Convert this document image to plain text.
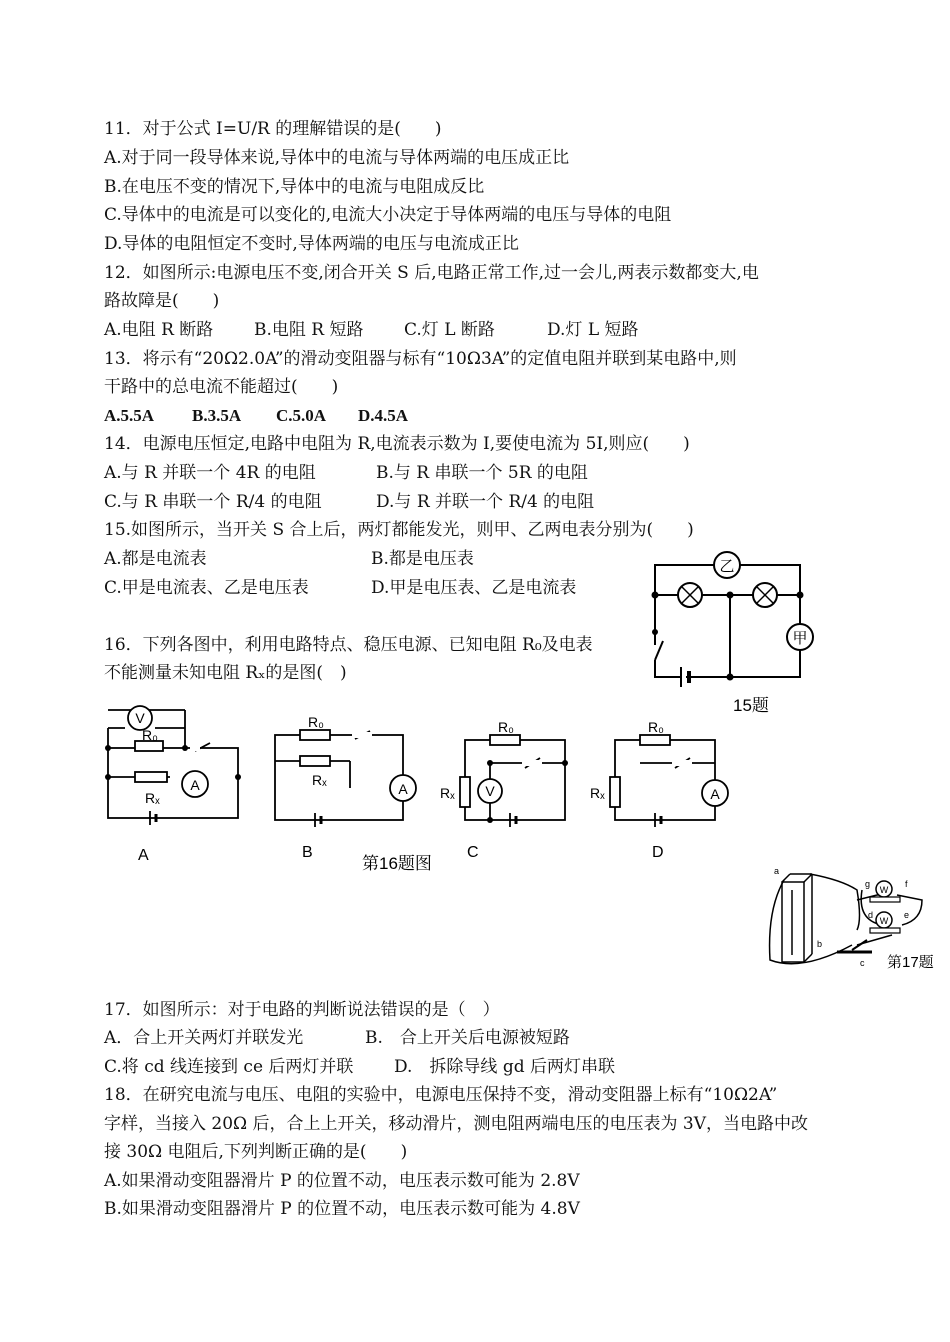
11．对于公式 I=U/R 的理解错误的是(　　)
A.对于同一段导体来说,导体中的电流与导体两端的电压成正比
B.在电压不变的情况下,导体中的电流与电阻成反比
C.导体中的电流是可以变化的,电流大小决定于导体两端的电压与导体的电阻
D.导体的电阻恒定不变时,导体两端的电压与电流成正比
12．如图所示:电源电压不变,闭合开关 S 后,电路正常工作,过一会儿,两表示数都变大,电
路故障是(　　)
A.电阻 R 断路 B.电阻 R 短路 C.灯 L 断路	D.灯 L 短路
13．将示有“20Ω2.0A”的滑动变阻器与标有“10Ω3A”的定值电阻并联到某电路中,则
干路中的总电流不能超过(　　)
A.5.5A B.3.5A C.5.0A D.4.5A
14．电源电压恒定,电路中电阻为 R,电流表示数为 I,要使电流为 5I,则应(　　)
A.与 R 并联一个 4R 的电阻	B.与 R 串联一个 5R 的电阻
C.与 R 串联一个 R/4 的电阻	D.与 R 并联一个 R/4 的电阻
15.如图所示，当开关 S 合上后，两灯都能发光，则甲、乙两电表分别为(　　)
A.都是电流表	B.都是电压表
C.甲是电流表、乙是电压表	D.甲是电压表、乙是电流表
乙
甲
15题
16．下列各图中，利用电路特点、稳压电源、已知电阻 R₀及电表
不能测量未知电阻 Rₓ的是图(　)
V
R₀
Rₓ
A
A
R₀
Rₓ
A
B
R₀
Rₓ V
C
R₀
Rₓ	A
D
第16题图
W
W
a
b
c
d	e
f
g
第17题
17．如图所示：对于电路的判断说法错误的是（　）
A．合上开关两灯并联发光	B.　合上开关后电源被短路
C.将 cd 线连接到 ce 后两灯并联 D.　拆除导线 gd 后两灯串联
18．在研究电流与电压、电阻的实验中，电源电压保持不变，滑动变阻器上标有“10Ω2A”
字样，当接入 20Ω 后，合上上开关，移动滑片，测电阻两端电压的电压表为 3V，当电路中改
接 30Ω 电阻后,下列判断正确的是(　　)
A.如果滑动变阻器滑片 P 的位置不动，电压表示数可能为 2.8V
B.如果滑动变阻器滑片 P 的位置不动，电压表示数可能为 4.8V
